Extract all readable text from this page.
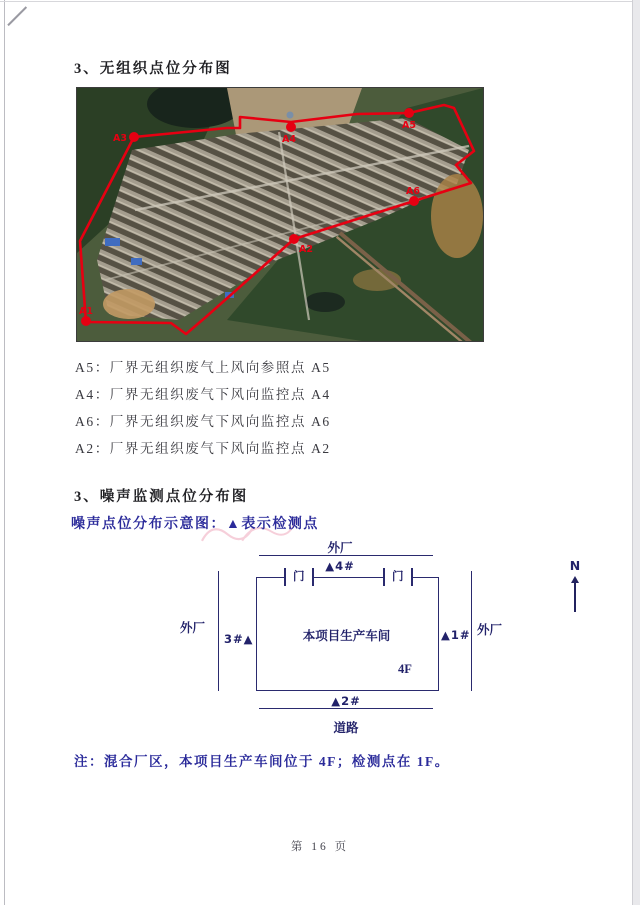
3、无组织点位分布图
A1
A2
A3	A4
A5
A6
A5：厂界无组织废气上风向参照点 A5
A4：厂界无组织废气下风向监控点 A4
A6：厂界无组织废气下风向监控点 A6
A2：厂界无组织废气下风向监控点 A2
3、噪声监测点位分布图
噪声点位分布示意图：▲表示检测点
外厂
▲4#
门	门
外厂
3#▲	本项目生产车间	▲1# 外厂
4F
▲2#
道路
N
注：混合厂区，本项目生产车间位于 4F；检测点在 1F。
第 16 页
